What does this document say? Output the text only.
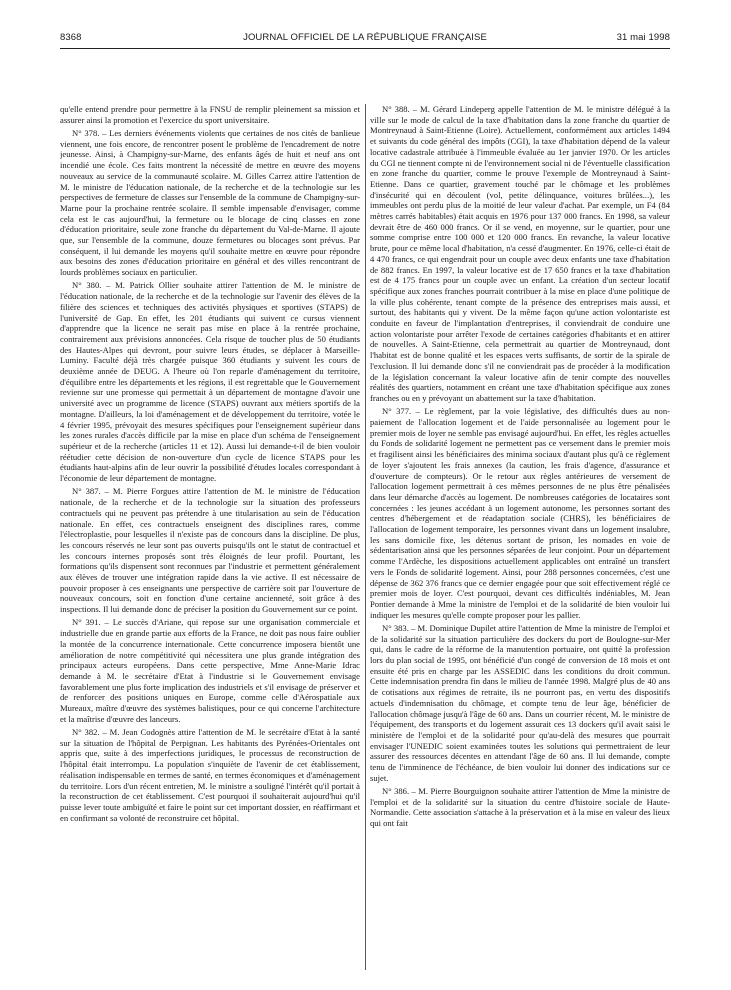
8368	JOURNAL OFFICIEL DE LA RÉPUBLIQUE FRANÇAISE	31 mai 1998

qu'elle entend prendre pour permettre à la FNSU de remplir pleinement sa mission et assurer ainsi la promotion et l'exercice du sport universitaire.

N° 378. – Les derniers événements violents que certaines de nos cités de banlieue viennent, une fois encore, de rencontrer posent le problème de l'encadrement de notre jeunesse. Ainsi, à Champigny-sur-Marne, des enfants âgés de huit et neuf ans ont incendié une école. Ces faits montrent la nécessité de mettre en œuvre des moyens nouveaux au service de la communauté scolaire. M. Gilles Carrez attire l'attention de M. le ministre de l'éducation nationale, de la recherche et de la technologie sur les perspectives de fermeture de classes sur l'ensemble de la commune de Champigny-sur-Marne pour la prochaine rentrée scolaire. Il semble impensable d'envisager, comme cela est le cas aujourd'hui, la fermeture ou le blocage de cinq classes en zone d'éducation prioritaire, seule zone franche du département du Val-de-Marne. Il ajoute que, sur l'ensemble de la commune, douze fermetures ou blocages sont prévus. Par conséquent, il lui demande les moyens qu'il souhaite mettre en œuvre pour répondre aux besoins des zones d'éducation prioritaire en général et des villes rencontrant de lourds problèmes sociaux en particulier.

N° 380. – M. Patrick Ollier souhaite attirer l'attention de M. le ministre de l'éducation nationale, de la recherche et de la technologie sur l'avenir des élèves de la filière des sciences et techniques des activités physiques et sportives (STAPS) de l'université de Gap. En effet, les 201 étudiants qui suivent ce cursus viennent d'apprendre que la licence ne serait pas mise en place à la rentrée prochaine, contrairement aux prévisions annoncées. Cela risque de toucher plus de 50 étudiants des Hautes-Alpes qui devront, pour suivre leurs études, se déplacer à Marseille-Luminy. Faculté déjà très chargée puisque 360 étudiants y suivent les cours de deuxième année de DEUG. A l'heure où l'on reparle d'aménagement du territoire, d'équilibre entre les départements et les régions, il est regrettable que le Gouvernement revienne sur une promesse qui permettait à un département de montagne d'avoir une université avec un programme de licence (STAPS) ouvrant aux métiers sportifs de la montagne. D'ailleurs, la loi d'aménagement et de développement du territoire, votée le 4 février 1995, prévoyait des mesures spécifiques pour l'enseignement supérieur dans les zones rurales d'accès difficile par la mise en place d'un schéma de l'enseignement supérieur et de la recherche (articles 11 et 12). Aussi lui demande-t-il de bien vouloir réétudier cette décision de non-ouverture d'un cycle de licence STAPS pour les étudiants haut-alpins afin de leur ouvrir la possibilité d'études locales correspondant à l'économie de leur département de montagne.

N° 387. – M. Pierre Forgues attire l'attention de M. le ministre de l'éducation nationale, de la recherche et de la technologie sur la situation des professeurs contractuels qui ne peuvent pas prétendre à une titularisation au sein de l'éducation nationale. En effet, ces contractuels enseignent des disciplines rares, comme l'électroplastie, pour lesquelles il n'existe pas de concours dans la discipline. De plus, les concours réservés ne leur sont pas ouverts puisqu'ils ont le statut de contractuel et les concours internes proposés sont très éloignés de leur profil. Pourtant, les formations qu'ils dispensent sont reconnues par l'industrie et permettent généralement aux élèves de trouver une intégration rapide dans la vie active. Il est nécessaire de pouvoir proposer à ces enseignants une perspective de carrière soit par l'ouverture de nouveaux concours, soit en fonction d'une certaine ancienneté, soit grâce à des inspections. Il lui demande donc de préciser la position du Gouvernement sur ce point.

N° 391. – Le succès d'Ariane, qui repose sur une organisation commerciale et industrielle due en grande partie aux efforts de la France, ne doit pas nous faire oublier la montée de la concurrence internationale. Cette concurrence imposera bientôt une amélioration de notre compétitivité qui nécessitera une plus grande intégration des principaux acteurs européens. Dans cette perspective, Mme Anne-Marie Idrac demande à M. le secrétaire d'Etat à l'industrie si le Gouvernement envisage favorablement une plus forte implication des industriels et s'il envisage de préserver et de renforcer des positions uniques en Europe, comme celle d'Aérospatiale aux Mureaux, maître d'œuvre des systèmes balistiques, pour ce qui concerne l'architecture et la maîtrise d'œuvre des lanceurs.

N° 382. – M. Jean Codognès attire l'attention de M. le secrétaire d'Etat à la santé sur la situation de l'hôpital de Perpignan. Les habitants des Pyrénées-Orientales ont appris que, suite à des imperfections juridiques, le processus de reconstruction de l'hôpital était interrompu. La population s'inquiète de l'avenir de cet établissement, réalisation indispensable en termes de santé, en termes économiques et d'aménagement du territoire. Lors d'un récent entretien, M. le ministre a souligné l'intérêt qu'il portait à la reconstruction de cet établissement. C'est pourquoi il souhaiterait aujourd'hui qu'il puisse lever toute ambiguïté et faire le point sur cet important dossier, en réaffirmant et en confirmant sa volonté de reconstruire cet hôpital.

N° 388. – M. Gérard Lindeperg appelle l'attention de M. le ministre délégué à la ville sur le mode de calcul de la taxe d'habitation dans la zone franche du quartier de Montreynaud à Saint-Etienne (Loire). Actuellement, conformément aux articles 1494 et suivants du code général des impôts (CGI), la taxe d'habitation dépend de la valeur locative cadastrale attribuée à l'immeuble évaluée au 1er janvier 1970. Or les articles du CGI ne tiennent compte ni de l'environnement social ni de l'éventuelle classification en zone franche du quartier, comme le prouve l'exemple de Montreynaud à Saint-Etienne. Dans ce quartier, gravement touché par le chômage et les problèmes d'insécurité qui en découlent (vol, petite délinquance, voitures brûlées...), les immeubles ont perdu plus de la moitié de leur valeur d'achat. Par exemple, un F4 (84 mètres carrés habitables) était acquis en 1976 pour 137 000 francs. En 1998, sa valeur devrait être de 460 000 francs. Or il se vend, en moyenne, sur le quartier, pour une somme comprise entre 100 000 et 120 000 francs. En revanche, la valeur locative brute, pour ce même local d'habitation, n'a cessé d'augmenter. En 1976, celle-ci était de 4 470 francs, ce qui engendrait pour un couple avec deux enfants une taxe d'habitation de 882 francs. En 1997, la valeur locative est de 17 650 francs et la taxe d'habitation est de 4 175 francs pour un couple avec un enfant. La création d'un secteur locatif spécifique aux zones franches pourrait contribuer à la mise en place d'une politique de la ville plus cohérente, tenant compte de la présence des entreprises mais aussi, et surtout, des habitants qui y vivent. De la même façon qu'une action volontariste est conduite en faveur de l'implantation d'entreprises, il conviendrait de conduire une action volontariste pour arrêter l'exode de certaines catégories d'habitants et en attirer de nouvelles. A Saint-Etienne, cela permettrait au quartier de Montreynaud, dont l'habitat est de bonne qualité et les espaces verts suffisants, de sortir de la spirale de l'exclusion. Il lui demande donc s'il ne conviendrait pas de procéder à la modification de la législation concernant la valeur locative afin de tenir compte des nouvelles réalités des quartiers, notamment en créant une taxe d'habitation spécifique aux zones franches ou en y prévoyant un abattement sur la taxe d'habitation.

N° 377. – Le règlement, par la voie législative, des difficultés dues au non-paiement de l'allocation logement et de l'aide personnalisée au logement pour le premier mois de loyer ne semble pas envisagé aujourd'hui. En effet, les règles actuelles du Fonds de solidarité logement ne permettent pas ce versement dans le premier mois et fragilisent ainsi les bénéficiaires des minima sociaux d'autant plus qu'à ce règlement de loyer s'ajoutent les frais annexes (la caution, les frais d'agence, d'assurance et d'ouverture de compteurs). Or le retour aux règles antérieures de versement de l'allocation logement permettrait à ces mêmes personnes de ne plus être pénalisées dans leur démarche d'accès au logement. De nombreuses catégories de locataires sont concernées : les jeunes accédant à un logement autonome, les personnes sortant des centres d'hébergement et de réadaptation sociale (CHRS), les bénéficiaires de l'allocation de logement temporaire, les personnes vivant dans un logement insalubre, les sans domicile fixe, les détenus sortant de prison, les nomades en voie de sédentarisation ainsi que les personnes séparées de leur conjoint. Pour un département comme l'Ardèche, les dispositions actuellement applicables ont entraîné un transfert vers le Fonds de solidarité logement. Ainsi, pour 288 personnes concernées, c'est une dépense de 362 376 francs que ce dernier engagée pour que soit effectivement réglé ce premier mois de loyer. C'est pourquoi, devant ces difficultés indéniables, M. Jean Pontier demande à Mme la ministre de l'emploi et de la solidarité de bien vouloir lui indiquer les mesures qu'elle compte proposer pour les pallier.

N° 383. – M. Dominique Dupilet attire l'attention de Mme la ministre de l'emploi et de la solidarité sur la situation particulière des dockers du port de Boulogne-sur-Mer qui, dans le cadre de la réforme de la manutention portuaire, ont quitté la profession lors du plan social de 1995, ont bénéficié d'un congé de conversion de 18 mois et ont ensuite été pris en charge par les ASSEDIC dans les conditions du droit commun. Cette indemnisation prendra fin dans le milieu de l'année 1998. Malgré plus de 40 ans de cotisations aux régimes de retraite, ils ne pourront pas, en vertu des dispositifs actuels d'indemnisation du chômage, et compte tenu de leur âge, bénéficier de l'allocation chômage jusqu'à l'âge de 60 ans. Dans un courrier récent, M. le ministre de l'équipement, des transports et du logement assurait ces 13 dockers qu'il avait saisi le ministère de l'emploi et de la solidarité pour qu'au-delà des mesures que pourrait envisager l'UNEDIC soient examinées toutes les solutions qui permettraient de leur assurer des ressources décentes en attendant l'âge de 60 ans. Il lui demande, compte tenu de l'imminence de l'échéance, de bien vouloir lui donner des indications sur ce sujet.

N° 386. – M. Pierre Bourguignon souhaite attirer l'attention de Mme la ministre de l'emploi et de la solidarité sur la situation du centre d'histoire sociale de Haute-Normandie. Cette association s'attache à la préservation et à la mise en valeur des lieux qui ont fait
